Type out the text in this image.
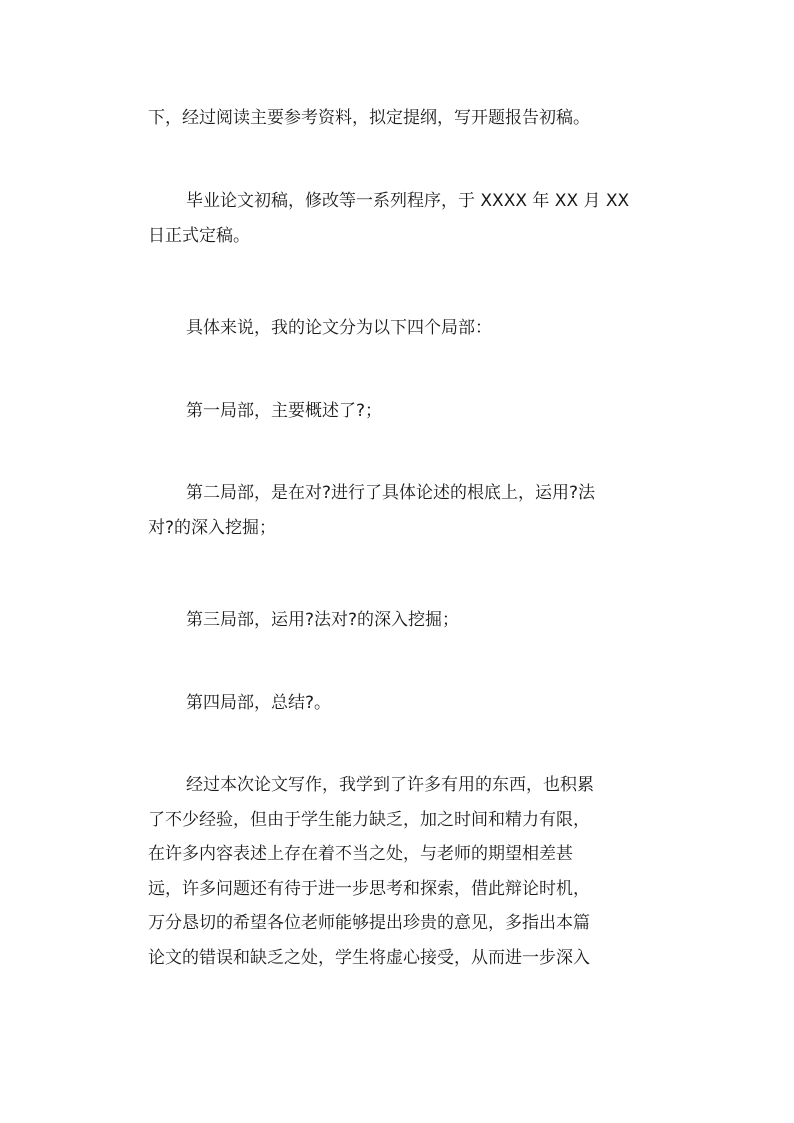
下，经过阅读主要参考资料，拟定提纲，写开题报告初稿。

毕业论文初稿，修改等一系列程序，于 XXXX 年 XX 月 XX
日正式定稿。

具体来说，我的论文分为以下四个局部：

第一局部，主要概述了?；

第二局部，是在对?进行了具体论述的根底上，运用?法
对?的深入挖掘；

第三局部，运用?法对?的深入挖掘；

第四局部，总结?。

经过本次论文写作，我学到了许多有用的东西，也积累
了不少经验，但由于学生能力缺乏，加之时间和精力有限，
在许多内容表述上存在着不当之处，与老师的期望相差甚
远，许多问题还有待于进一步思考和探索，借此辩论时机，
万分恳切的希望各位老师能够提出珍贵的意见，多指出本篇
论文的错误和缺乏之处，学生将虚心接受，从而进一步深入
